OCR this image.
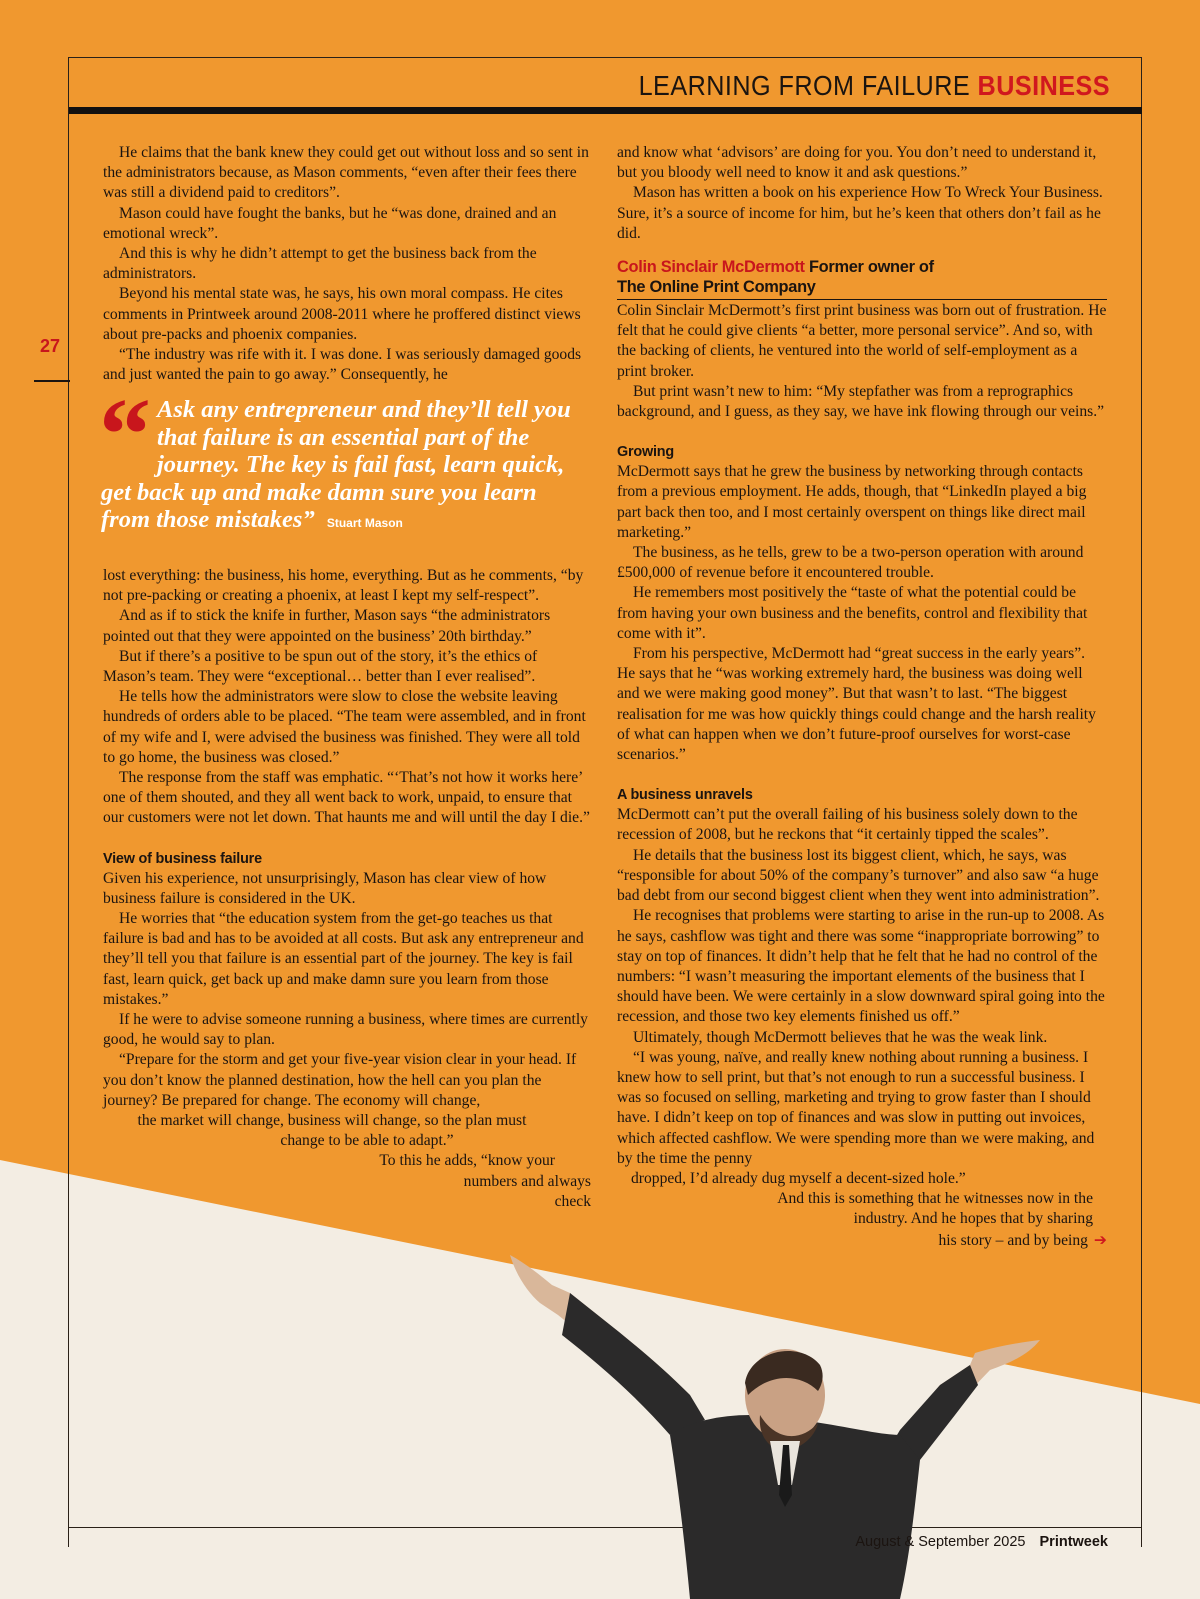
LEARNING FROM FAILURE BUSINESS
27

He claims that the bank knew they could get out without loss and so sent in the administrators because, as Mason comments, “even after their fees there was still a dividend paid to creditors”.

Mason could have fought the banks, but he “was done, drained and an emotional wreck”.

And this is why he didn’t attempt to get the business back from the administrators.

Beyond his mental state was, he says, his own moral compass. He cites comments in Printweek around 2008-2011 where he proffered distinct views about pre-packs and phoenix companies.

“The industry was rife with it. I was done. I was seriously damaged goods and just wanted the pain to go away.” Consequently, he

“ Ask any entrepreneur and they’ll tell you that failure is an essential part of the journey. The key is fail fast, learn quick, get back up and make damn sure you learn from those mistakes” Stuart Mason

lost everything: the business, his home, everything. But as he comments, “by not pre-packing or creating a phoenix, at least I kept my self-respect”.

And as if to stick the knife in further, Mason says “the administrators pointed out that they were appointed on the business’ 20th birthday.”

But if there’s a positive to be spun out of the story, it’s the ethics of Mason’s team. They were “exceptional… better than I ever realised”.

He tells how the administrators were slow to close the website leaving hundreds of orders able to be placed. “The team were assembled, and in front of my wife and I, were advised the business was finished. They were all told to go home, the business was closed.”

The response from the staff was emphatic. “‘That’s not how it works here’ one of them shouted, and they all went back to work, unpaid, to ensure that our customers were not let down. That haunts me and will until the day I die.”

View of business failure

Given his experience, not unsurprisingly, Mason has clear view of how business failure is considered in the UK.

He worries that “the education system from the get-go teaches us that failure is bad and has to be avoided at all costs. But ask any entrepreneur and they’ll tell you that failure is an essential part of the journey. The key is fail fast, learn quick, get back up and make damn sure you learn from those mistakes.”

If he were to advise someone running a business, where times are currently good, he would say to plan.

“Prepare for the storm and get your five-year vision clear in your head. If you don’t know the planned destination, how the hell can you plan the journey? Be prepared for change. The economy will change,

the market will change, business will change, so the plan must
change to be able to adapt.”
To this he adds, “know your
numbers and always
check

and know what ‘advisors’ are doing for you. You don’t need to understand it, but you bloody well need to know it and ask questions.”

Mason has written a book on his experience How To Wreck Your Business. Sure, it’s a source of income for him, but he’s keen that others don’t fail as he did.

Colin Sinclair McDermott Former owner of
The Online Print Company

Colin Sinclair McDermott’s first print business was born out of frustration. He felt that he could give clients “a better, more personal service”. And so, with the backing of clients, he ventured into the world of self-employment as a print broker.

But print wasn’t new to him: “My stepfather was from a reprographics background, and I guess, as they say, we have ink flowing through our veins.”

Growing

McDermott says that he grew the business by networking through contacts from a previous employment. He adds, though, that “LinkedIn played a big part back then too, and I most certainly overspent on things like direct mail marketing.”

The business, as he tells, grew to be a two-person operation with around £500,000 of revenue before it encountered trouble.

He remembers most positively the “taste of what the potential could be from having your own business and the benefits, control and flexibility that come with it”.

From his perspective, McDermott had “great success in the early years”. He says that he “was working extremely hard, the business was doing well and we were making good money”. But that wasn’t to last. “The biggest realisation for me was how quickly things could change and the harsh reality of what can happen when we don’t future-proof ourselves for worst-case scenarios.”

A business unravels

McDermott can’t put the overall failing of his business solely down to the recession of 2008, but he reckons that “it certainly tipped the scales”.

He details that the business lost its biggest client, which, he says, was “responsible for about 50% of the company’s turnover” and also saw “a huge bad debt from our second biggest client when they went into administration”.

He recognises that problems were starting to arise in the run-up to 2008. As he says, cashflow was tight and there was some “inappropriate borrowing” to stay on top of finances. It didn’t help that he felt that he had no control of the numbers: “I wasn’t measuring the important elements of the business that I should have been. We were certainly in a slow downward spiral going into the recession, and those two key elements finished us off.”

Ultimately, though McDermott believes that he was the weak link.

“I was young, naïve, and really knew nothing about running a business. I knew how to sell print, but that’s not enough to run a successful business. I was so focused on selling, marketing and trying to grow faster than I should have. I didn’t keep on top of finances and was slow in putting out invoices, which affected cashflow. We were spending more than we were making, and by the time the penny

dropped, I’d already dug myself a decent-sized hole.”
And this is something that he witnesses now in the
industry. And he hopes that by sharing
his story – and by being ➔
August & September 2025 Printweek
